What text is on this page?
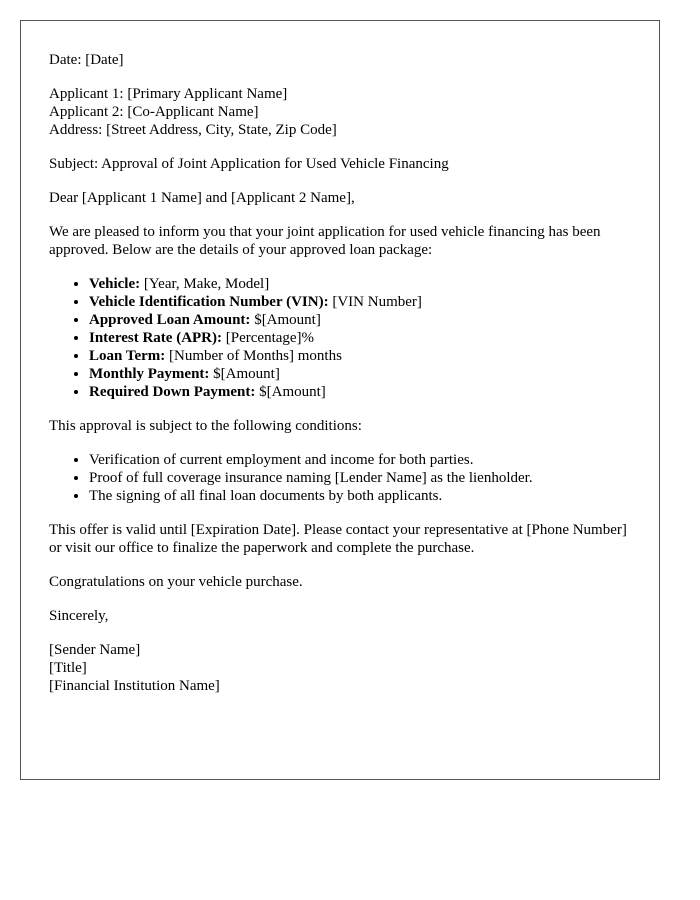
Date: [Date]

Applicant 1: [Primary Applicant Name]
Applicant 2: [Co-Applicant Name]
Address: [Street Address, City, State, Zip Code]

Subject: Approval of Joint Application for Used Vehicle Financing

Dear [Applicant 1 Name] and [Applicant 2 Name],

We are pleased to inform you that your joint application for used vehicle financing has been approved. Below are the details of your approved loan package:

• Vehicle: [Year, Make, Model]
• Vehicle Identification Number (VIN): [VIN Number]
• Approved Loan Amount: $[Amount]
• Interest Rate (APR): [Percentage]%
• Loan Term: [Number of Months] months
• Monthly Payment: $[Amount]
• Required Down Payment: $[Amount]

This approval is subject to the following conditions:

• Verification of current employment and income for both parties.
• Proof of full coverage insurance naming [Lender Name] as the lienholder.
• The signing of all final loan documents by both applicants.

This offer is valid until [Expiration Date]. Please contact your representative at [Phone Number] or visit our office to finalize the paperwork and complete the purchase.

Congratulations on your vehicle purchase.

Sincerely,

[Sender Name]
[Title]
[Financial Institution Name]
